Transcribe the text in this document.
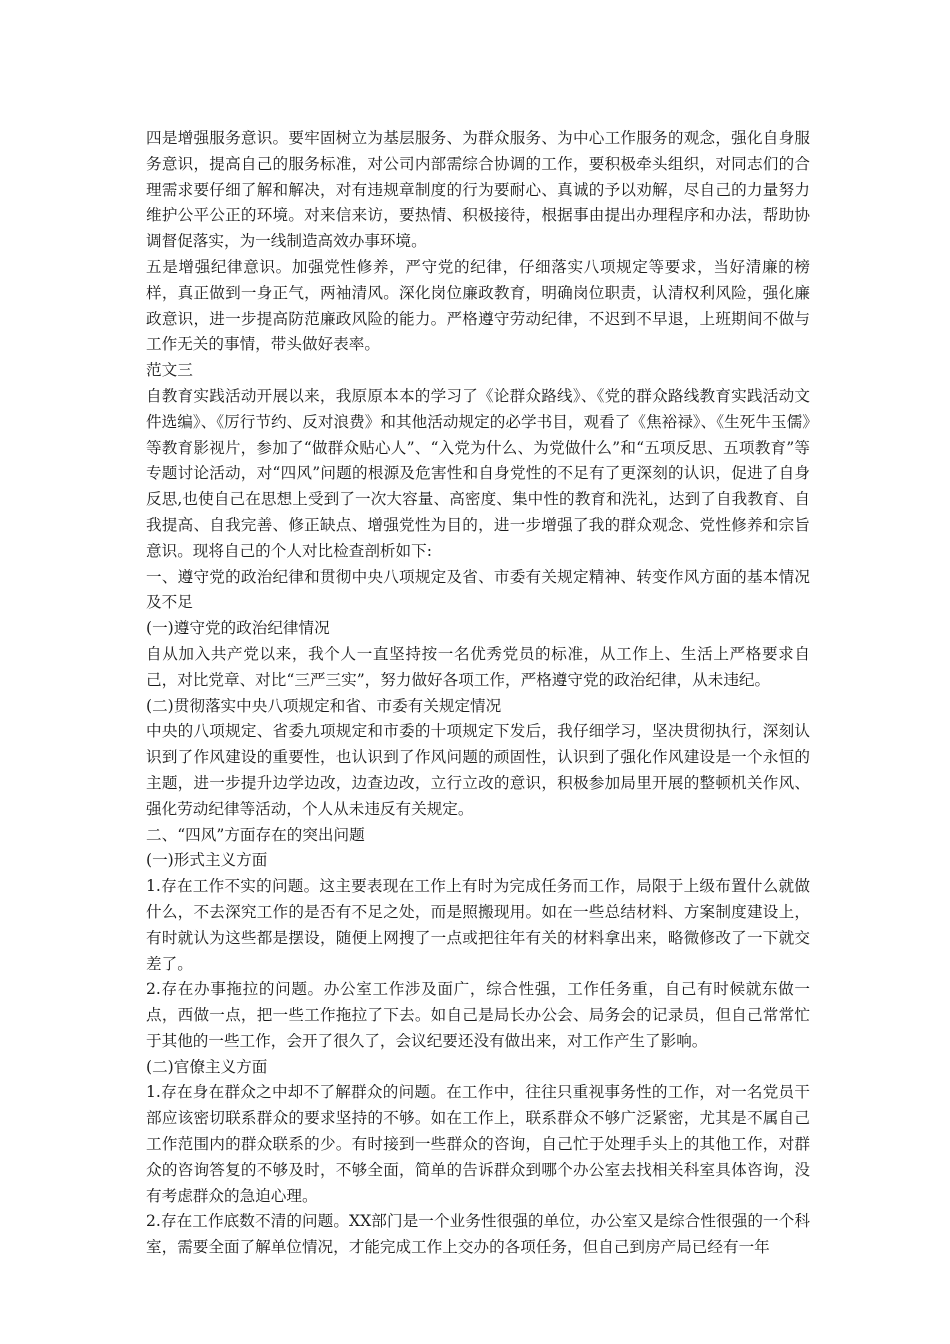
四是增强服务意识。要牢固树立为基层服务、为群众服务、为中心工作服务的观念，强化自身服务意识，提高自己的服务标准，对公司内部需综合协调的工作，要积极牵头组织，对同志们的合理需求要仔细了解和解决，对有违规章制度的行为要耐心、真诚的予以劝解，尽自己的力量努力维护公平公正的环境。对来信来访，要热情、积极接待，根据事由提出办理程序和办法，帮助协调督促落实，为一线制造高效办事环境。

五是增强纪律意识。加强党性修养，严守党的纪律，仔细落实八项规定等要求，当好清廉的榜样，真正做到一身正气，两袖清风。深化岗位廉政教育，明确岗位职责，认清权利风险，强化廉政意识，进一步提高防范廉政风险的能力。严格遵守劳动纪律，不迟到不早退，上班期间不做与工作无关的事情，带头做好表率。

范文三

自教育实践活动开展以来，我原原本本的学习了《论群众路线》、《党的群众路线教育实践活动文件选编》、《厉行节约、反对浪费》和其他活动规定的必学书目，观看了《焦裕禄》、《生死牛玉儒》等教育影视片，参加了“做群众贴心人”、“入党为什么、为党做什么”和“五项反思、五项教育”等专题讨论活动，对“四风”问题的根源及危害性和自身党性的不足有了更深刻的认识，促进了自身反思,也使自己在思想上受到了一次大容量、高密度、集中性的教育和洗礼，达到了自我教育、自我提高、自我完善、修正缺点、增强党性为目的，进一步增强了我的群众观念、党性修养和宗旨意识。现将自己的个人对比检查剖析如下:

一、遵守党的政治纪律和贯彻中央八项规定及省、市委有关规定精神、转变作风方面的基本情况及不足

(一)遵守党的政治纪律情况

自从加入共产党以来，我个人一直坚持按一名优秀党员的标准，从工作上、生活上严格要求自己，对比党章、对比“三严三实”，努力做好各项工作，严格遵守党的政治纪律，从未违纪。

(二)贯彻落实中央八项规定和省、市委有关规定情况

中央的八项规定、省委九项规定和市委的十项规定下发后，我仔细学习，坚决贯彻执行，深刻认识到了作风建设的重要性，也认识到了作风问题的顽固性，认识到了强化作风建设是一个永恒的主题，进一步提升边学边改，边查边改，立行立改的意识，积极参加局里开展的整顿机关作风、强化劳动纪律等活动，个人从未违反有关规定。

二、“四风”方面存在的突出问题

(一)形式主义方面

1.存在工作不实的问题。这主要表现在工作上有时为完成任务而工作，局限于上级布置什么就做什么，不去深究工作的是否有不足之处，而是照搬现用。如在一些总结材料、方案制度建设上，有时就认为这些都是摆设，随便上网搜了一点或把往年有关的材料拿出来，略微修改了一下就交差了。

2.存在办事拖拉的问题。办公室工作涉及面广，综合性强，工作任务重，自己有时候就东做一点，西做一点，把一些工作拖拉了下去。如自己是局长办公会、局务会的记录员，但自己常常忙于其他的一些工作，会开了很久了，会议纪要还没有做出来，对工作产生了影响。

(二)官僚主义方面

1.存在身在群众之中却不了解群众的问题。在工作中，往往只重视事务性的工作，对一名党员干部应该密切联系群众的要求坚持的不够。如在工作上，联系群众不够广泛紧密，尤其是不属自己工作范围内的群众联系的少。有时接到一些群众的咨询，自己忙于处理手头上的其他工作，对群众的咨询答复的不够及时，不够全面，简单的告诉群众到哪个办公室去找相关科室具体咨询，没有考虑群众的急迫心理。

2.存在工作底数不清的问题。XX部门是一个业务性很强的单位，办公室又是综合性很强的一个科室，需要全面了解单位情况，才能完成工作上交办的各项任务，但自己到房产局已经有一年
